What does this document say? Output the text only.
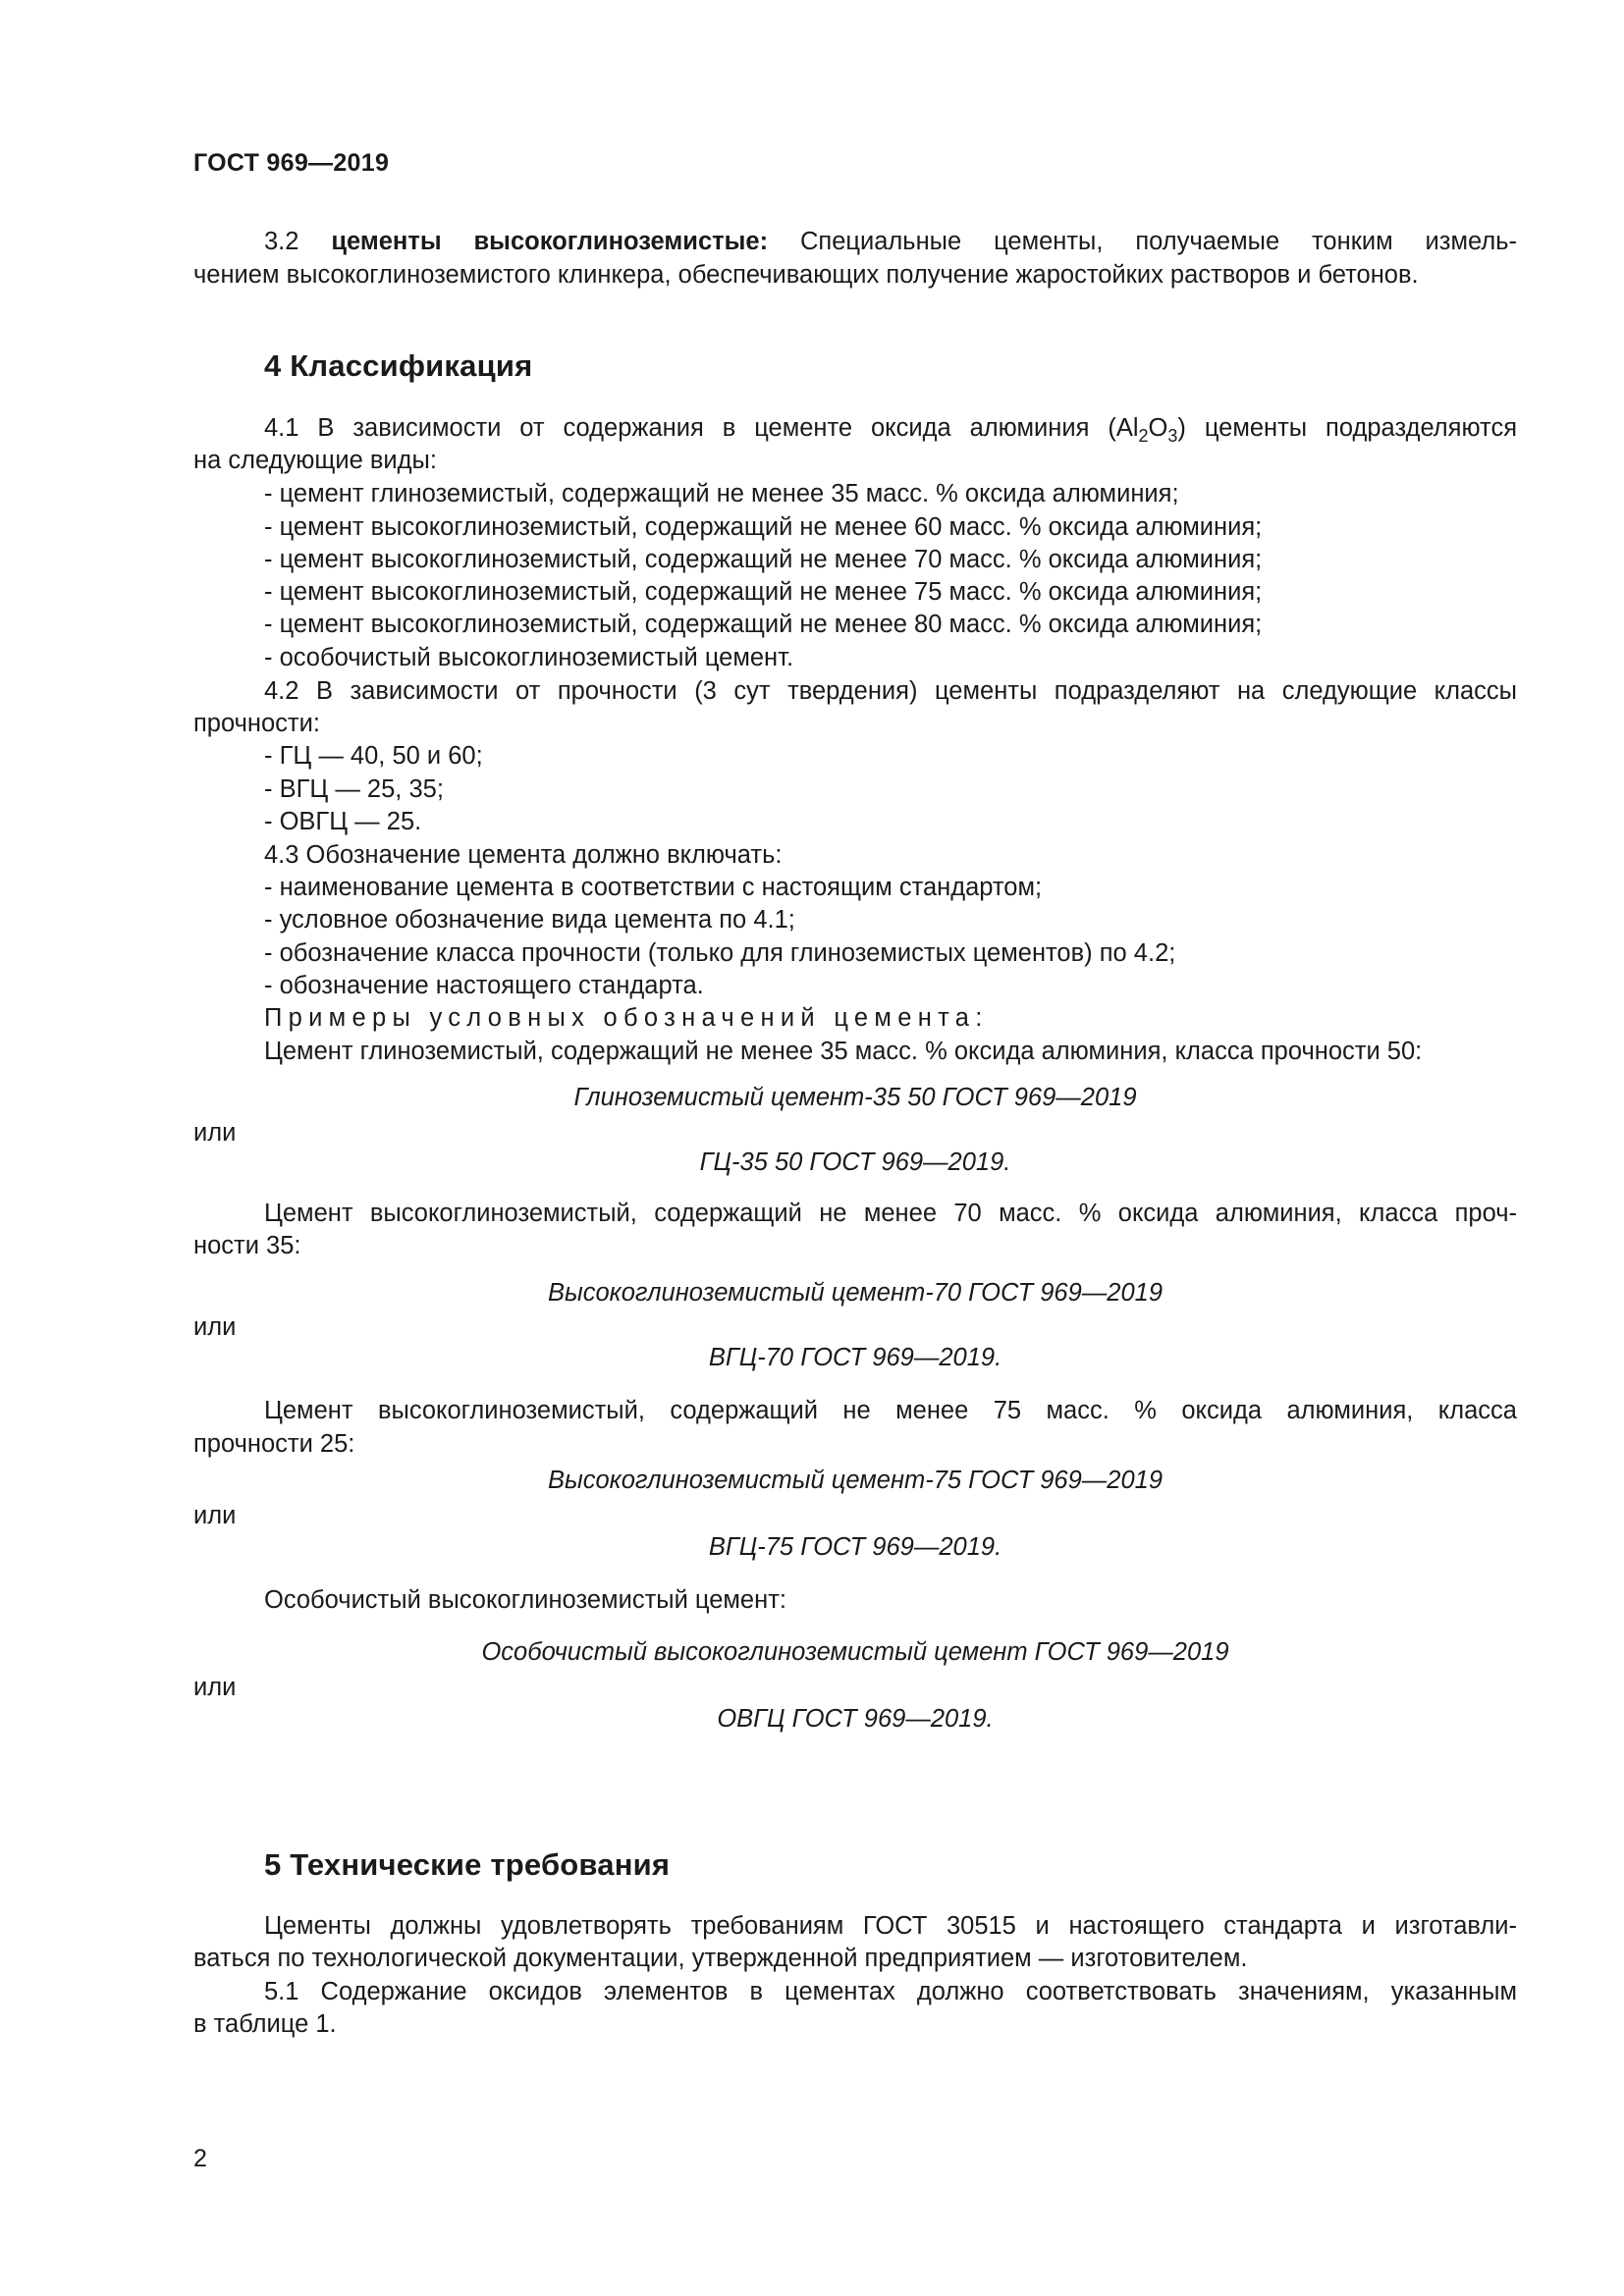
ГОСТ 969—2019
3.2 цементы высокоглиноземистые: Специальные цементы, получаемые тонким измель-
чением высокоглиноземистого клинкера, обеспечивающих получение жаростойких растворов и бетонов.
4 Классификация
4.1 В зависимости от содержания в цементе оксида алюминия $(Al_2O_3)$ цементы подразделяются
на следующие виды:
- цемент глиноземистый, содержащий не менее 35 масс. % оксида алюминия;
- цемент высокоглиноземистый, содержащий не менее 60 масс. % оксида алюминия;
- цемент высокоглиноземистый, содержащий не менее 70 масс. % оксида алюминия;
- цемент высокоглиноземистый, содержащий не менее 75 масс. % оксида алюминия;
- цемент высокоглиноземистый, содержащий не менее 80 масс. % оксида алюминия;
- особочистый высокоглиноземистый цемент.
4.2 В зависимости от прочности (3 сут твердения) цементы подразделяют на следующие классы
прочности:
- ГЦ — 40, 50 и 60;
- ВГЦ — 25, 35;
- ОВГЦ — 25.
4.3 Обозначение цемента должно включать:
- наименование цемента в соответствии с настоящим стандартом;
- условное обозначение вида цемента по 4.1;
- обозначение класса прочности (только для глиноземистых цементов) по 4.2;
- обозначение настоящего стандарта.
Примеры условных обозначений цемента:
Цемент глиноземистый, содержащий не менее 35 масс. % оксида алюминия, класса прочности 50:
Глиноземистый цемент-35 50 ГОСТ 969—2019
или
ГЦ-35 50 ГОСТ 969—2019.
Цемент высокоглиноземистый, содержащий не менее 70 масс. % оксида алюминия, класса проч-
ности 35:
Высокоглиноземистый цемент-70 ГОСТ 969—2019
или
ВГЦ-70 ГОСТ 969—2019.
Цемент высокоглиноземистый, содержащий не менее 75 масс. % оксида алюминия, класса
прочности 25:
Высокоглиноземистый цемент-75 ГОСТ 969—2019
или
ВГЦ-75 ГОСТ 969—2019.
Особочистый высокоглиноземистый цемент:
Особочистый высокоглиноземистый цемент ГОСТ 969—2019
или
ОВГЦ ГОСТ 969—2019.
5 Технические требования
Цементы должны удовлетворять требованиям ГОСТ 30515 и настоящего стандарта и изготавли-
ваться по технологической документации, утвержденной предприятием — изготовителем.
5.1 Содержание оксидов элементов в цементах должно соответствовать значениям, указанным
в таблице 1.
2
